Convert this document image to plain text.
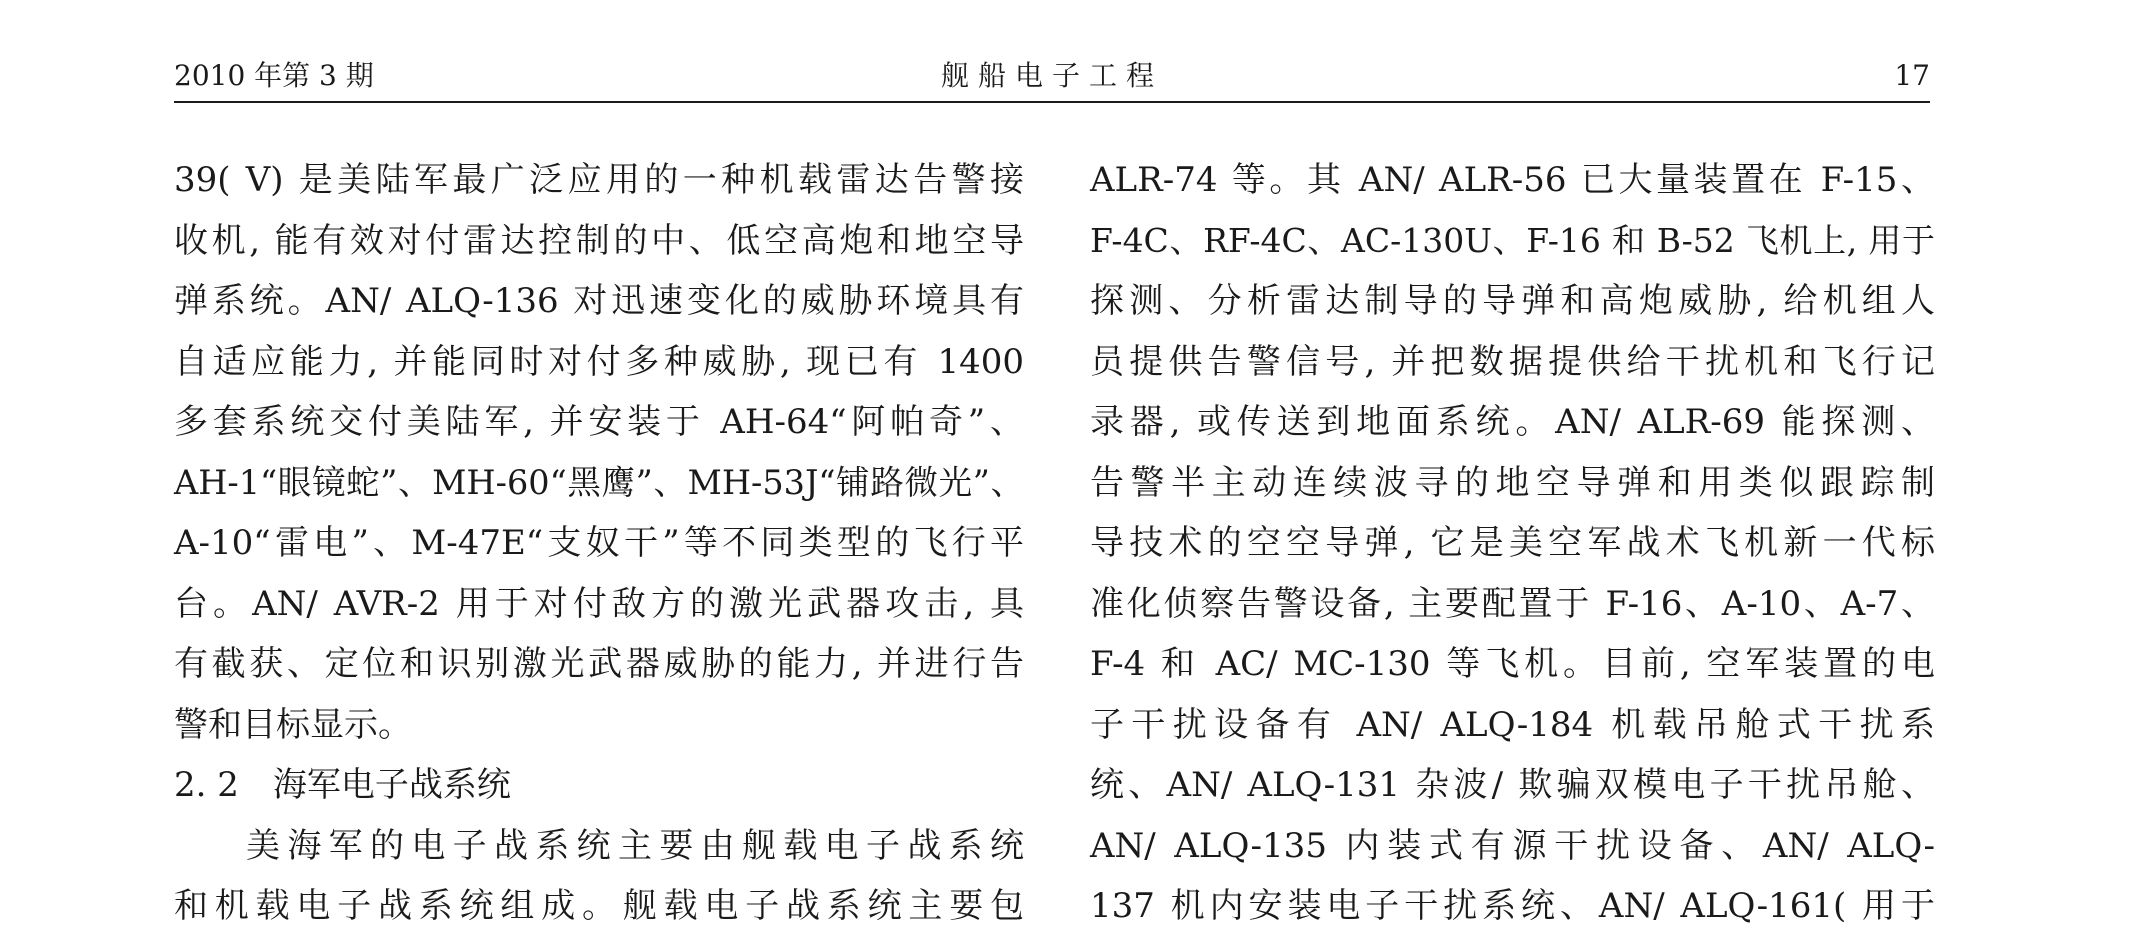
2010 年第 3 期	舰船电子工程	17
39( V) 是美陆军最广泛应用的一种机载雷达告警接
收机, 能有效对付雷达控制的中、低空高炮和地空导
弹系统。AN/ ALQ-136 对迅速变化的威胁环境具有
自适应能力, 并能同时对付多种威胁, 现已有 1400
多套系统交付美陆军, 并安装于 AH-64“阿帕奇”、
AH-1“眼镜蛇”、MH-60“黑鹰”、MH-53J“铺路微光”、
A-10“雷电”、M-47E“支奴干”等不同类型的飞行平
台。AN/ AVR-2 用于对付敌方的激光武器攻击, 具
有截获、定位和识别激光武器威胁的能力, 并进行告
警和目标显示。
2. 2　海军电子战系统
美海军的电子战系统主要由舰载电子战系统
和机载电子战系统组成。舰载电子战系统主要包
ALR-74 等。其 AN/ ALR-56 已大量装置在 F-15、
F-4C、RF-4C、AC-130U、F-16 和 B-52 飞机上, 用于
探测、分析雷达制导的导弹和高炮威胁, 给机组人
员提供告警信号, 并把数据提供给干扰机和飞行记
录器, 或传送到地面系统。AN/ ALR-69 能探测、
告警半主动连续波寻的地空导弹和用类似跟踪制
导技术的空空导弹, 它是美空军战术飞机新一代标
准化侦察告警设备, 主要配置于 F-16、A-10、A-7、
F-4 和 AC/ MC-130 等飞机。目前, 空军装置的电
子干扰设备有 AN/ ALQ-184 机载吊舱式干扰系
统、AN/ ALQ-131 杂波/ 欺骗双模电子干扰吊舱、
AN/ ALQ-135 内装式有源干扰设备、AN/ ALQ-
137 机内安装电子干扰系统、AN/ ALQ-161( 用于
